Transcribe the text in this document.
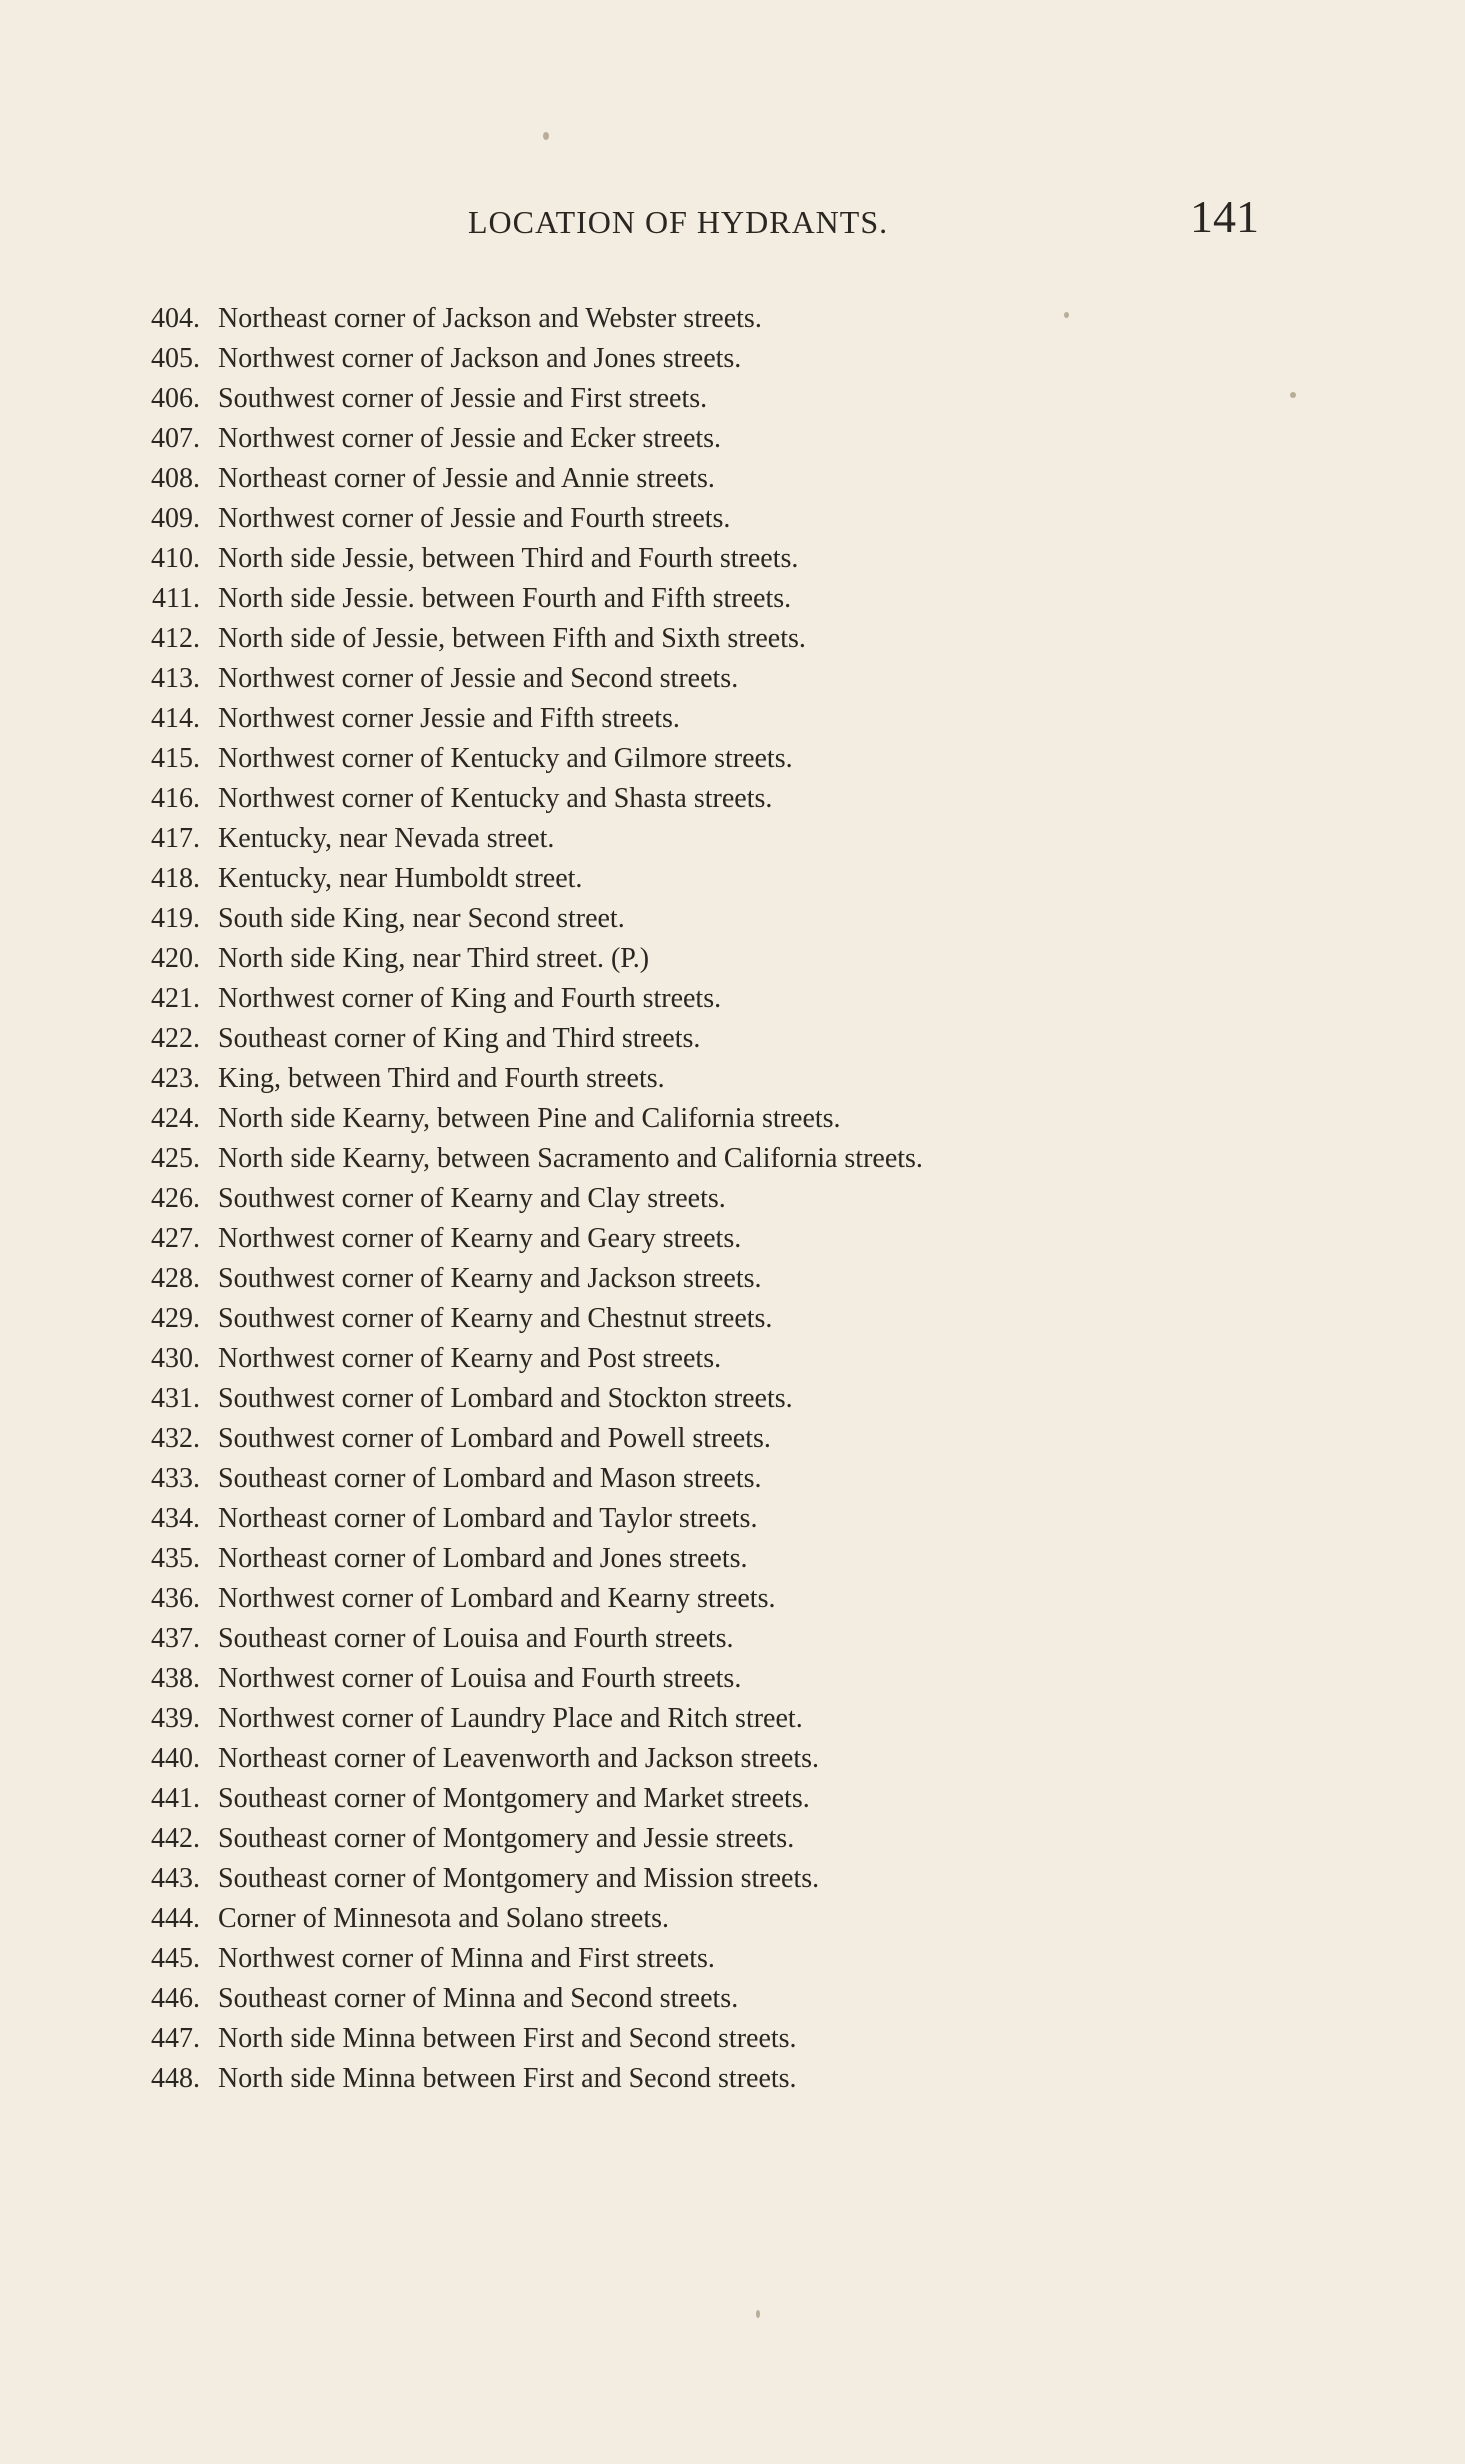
LOCATION OF HYDRANTS.	141
404. Northeast corner of Jackson and Webster streets.
405. Northwest corner of Jackson and Jones streets.
406. Southwest corner of Jessie and First streets.
407. Northwest corner of Jessie and Ecker streets.
408. Northeast corner of Jessie and Annie streets.
409. Northwest corner of Jessie and Fourth streets.
410. North side Jessie, between Third and Fourth streets.
411. North side Jessie. between Fourth and Fifth streets.
412. North side of Jessie, between Fifth and Sixth streets.
413. Northwest corner of Jessie and Second streets.
414. Northwest corner Jessie and Fifth streets.
415. Northwest corner of Kentucky and Gilmore streets.
416. Northwest corner of Kentucky and Shasta streets.
417. Kentucky, near Nevada street.
418. Kentucky, near Humboldt street.
419. South side King, near Second street.
420. North side King, near Third street. (P.)
421. Northwest corner of King and Fourth streets.
422. Southeast corner of King and Third streets.
423. King, between Third and Fourth streets.
424. North side Kearny, between Pine and California streets.
425. North side Kearny, between Sacramento and California streets.
426. Southwest corner of Kearny and Clay streets.
427. Northwest corner of Kearny and Geary streets.
428. Southwest corner of Kearny and Jackson streets.
429. Southwest corner of Kearny and Chestnut streets.
430. Northwest corner of Kearny and Post streets.
431. Southwest corner of Lombard and Stockton streets.
432. Southwest corner of Lombard and Powell streets.
433. Southeast corner of Lombard and Mason streets.
434. Northeast corner of Lombard and Taylor streets.
435. Northeast corner of Lombard and Jones streets.
436. Northwest corner of Lombard and Kearny streets.
437. Southeast corner of Louisa and Fourth streets.
438. Northwest corner of Louisa and Fourth streets.
439. Northwest corner of Laundry Place and Ritch street.
440. Northeast corner of Leavenworth and Jackson streets.
441. Southeast corner of Montgomery and Market streets.
442. Southeast corner of Montgomery and Jessie streets.
443. Southeast corner of Montgomery and Mission streets.
444. Corner of Minnesota and Solano streets.
445. Northwest corner of Minna and First streets.
446. Southeast corner of Minna and Second streets.
447. North side Minna between First and Second streets.
448. North side Minna between First and Second streets.
